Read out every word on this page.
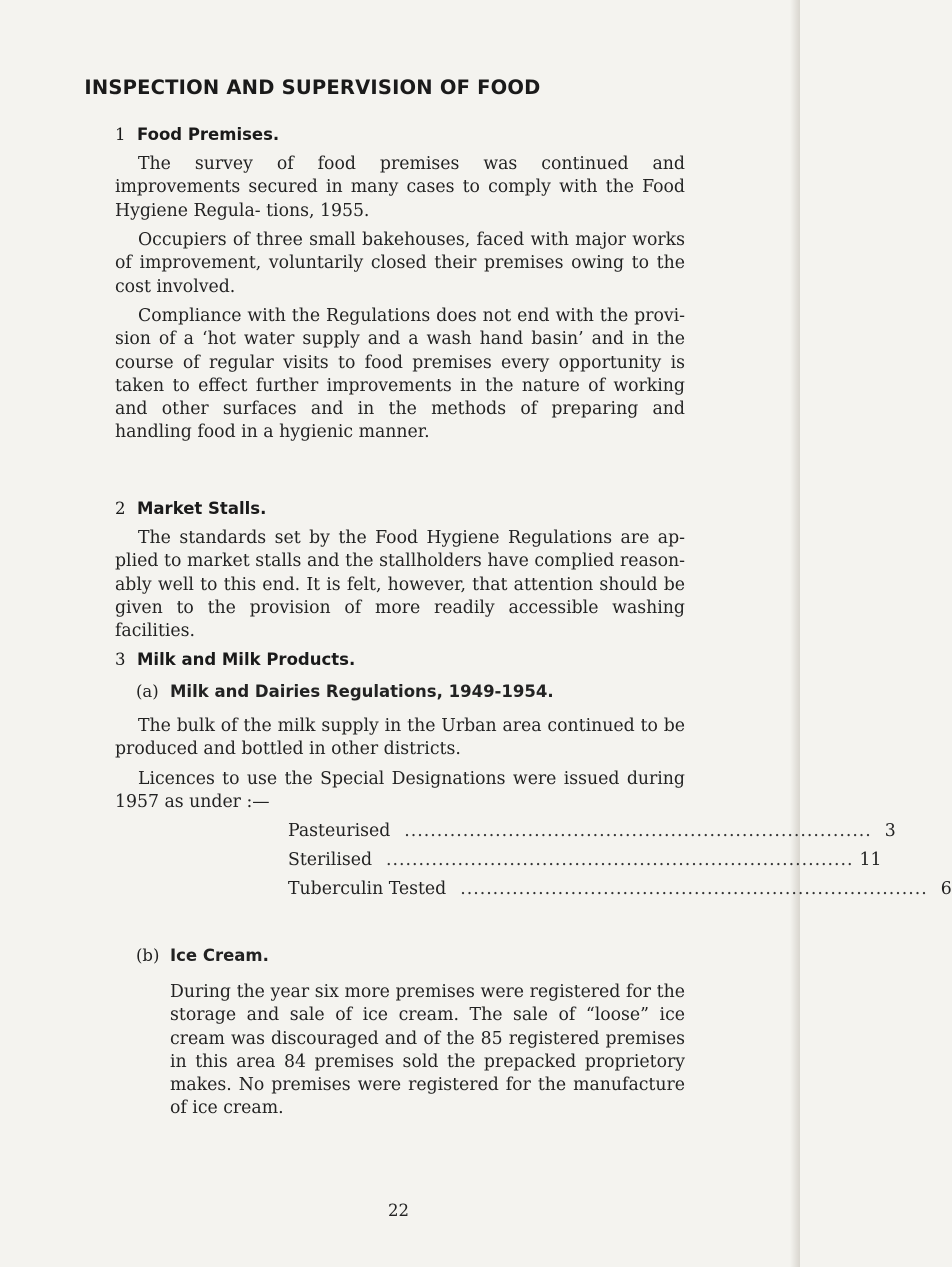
INSPECTION AND SUPERVISION OF FOOD
1 Food Premises.
The survey of food premises was continued and improvements secured in many cases to comply with the Food Hygiene Regula- tions, 1955.
Occupiers of three small bakehouses, faced with major works of improvement, voluntarily closed their premises owing to the cost involved.
Compliance with the Regulations does not end with the provi- sion of a ‘hot water supply and a wash hand basin’ and in the course of regular visits to food premises every opportunity is taken to effect further improvements in the nature of working and other surfaces and in the methods of preparing and handling food in a hygienic manner.
2 Market Stalls.
The standards set by the Food Hygiene Regulations are ap- plied to market stalls and the stallholders have complied reason- ably well to this end. It is felt, however, that attention should be given to the provision of more readily accessible washing facilities.
3 Milk and Milk Products.
(a) Milk and Dairies Regulations, 1949-1954.
The bulk of the milk supply in the Urban area continued to be produced and bottled in other districts.
Licences to use the Special Designations were issued during 1957 as under :—
Pasteurised ........................................................................ 3
Sterilised ........................................................................ 11
Tuberculin Tested ........................................................................ 6
(b) Ice Cream.
During the year six more premises were registered for the storage and sale of ice cream. The sale of “loose” ice cream was discouraged and of the 85 registered premises in this area 84 premises sold the prepacked proprietory makes. No premises were registered for the manufacture of ice cream.
22
